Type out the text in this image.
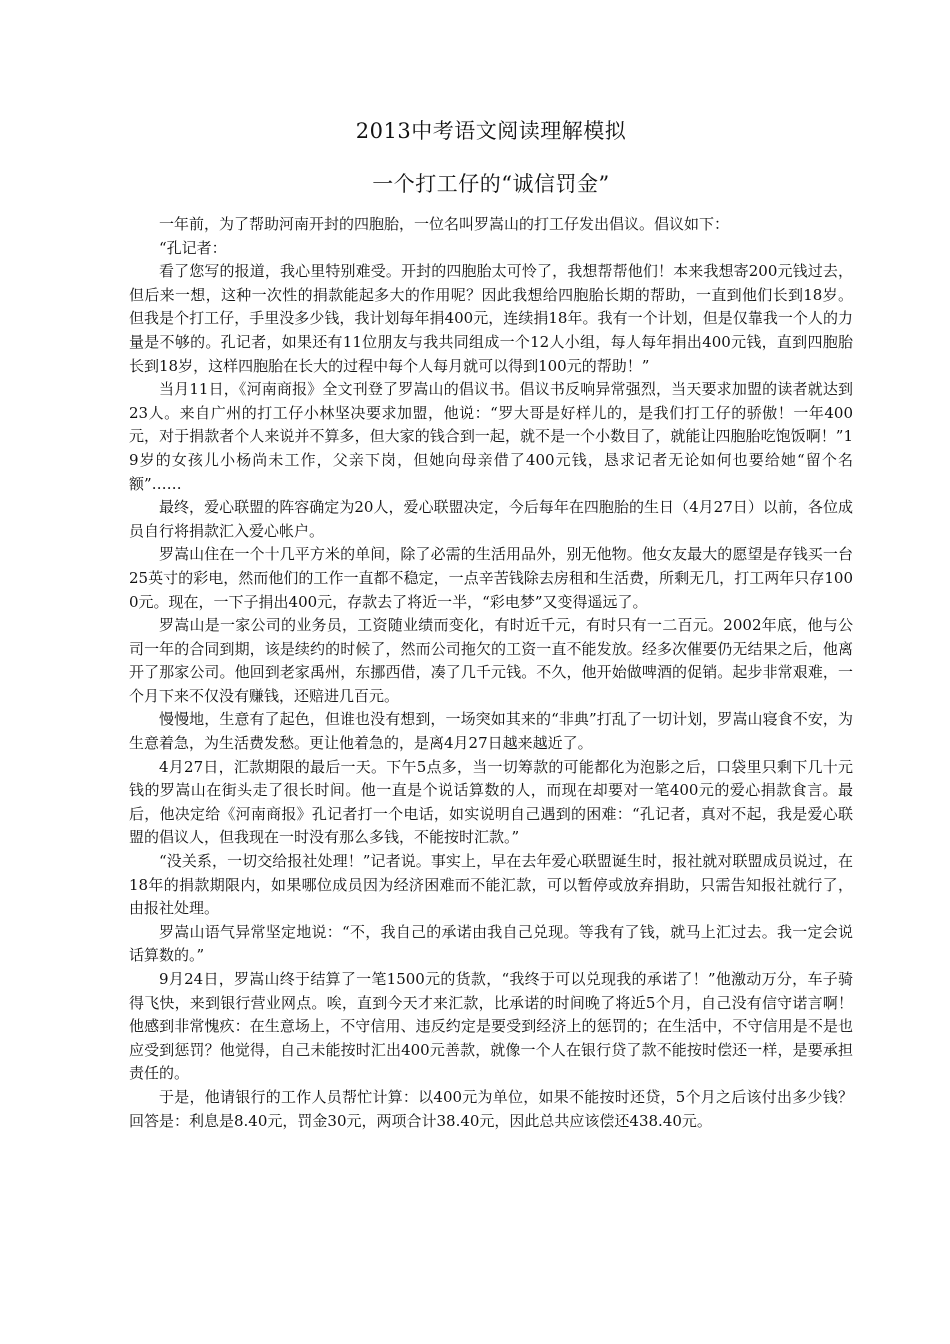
2013中考语文阅读理解模拟
一个打工仔的“诚信罚金”

一年前，为了帮助河南开封的四胞胎，一位名叫罗嵩山的打工仔发出倡议。倡议如下：

“孔记者：

看了您写的报道，我心里特别难受。开封的四胞胎太可怜了，我想帮帮他们！本来我想寄200元钱过去，但后来一想，这种一次性的捐款能起多大的作用呢？因此我想给四胞胎长期的帮助，一直到他们长到18岁。但我是个打工仔，手里没多少钱，我计划每年捐400元，连续捐18年。我有一个计划，但是仅靠我一个人的力量是不够的。孔记者，如果还有11位朋友与我共同组成一个12人小组，每人每年捐出400元钱，直到四胞胎长到18岁，这样四胞胎在长大的过程中每个人每月就可以得到100元的帮助！”

当月11日，《河南商报》全文刊登了罗嵩山的倡议书。倡议书反响异常强烈，当天要求加盟的读者就达到23人。来自广州的打工仔小林坚决要求加盟，他说：“罗大哥是好样儿的，是我们打工仔的骄傲！一年400元，对于捐款者个人来说并不算多，但大家的钱合到一起，就不是一个小数目了，就能让四胞胎吃饱饭啊！”19岁的女孩儿小杨尚未工作，父亲下岗，但她向母亲借了400元钱，恳求记者无论如何也要给她“留个名额”……

最终，爱心联盟的阵容确定为20人，爱心联盟决定，今后每年在四胞胎的生日（4月27日）以前，各位成员自行将捐款汇入爱心帐户。

罗嵩山住在一个十几平方米的单间，除了必需的生活用品外，别无他物。他女友最大的愿望是存钱买一台25英寸的彩电，然而他们的工作一直都不稳定，一点辛苦钱除去房租和生活费，所剩无几，打工两年只存1000元。现在，一下子捐出400元，存款去了将近一半，“彩电梦”又变得遥远了。

罗嵩山是一家公司的业务员，工资随业绩而变化，有时近千元，有时只有一二百元。2002年底，他与公司一年的合同到期，该是续约的时候了，然而公司拖欠的工资一直不能发放。经多次催要仍无结果之后，他离开了那家公司。他回到老家禹州，东挪西借，凑了几千元钱。不久，他开始做啤酒的促销。起步非常艰难，一个月下来不仅没有赚钱，还赔进几百元。

慢慢地，生意有了起色，但谁也没有想到，一场突如其来的“非典”打乱了一切计划，罗嵩山寝食不安，为生意着急，为生活费发愁。更让他着急的，是离4月27日越来越近了。

4月27日，汇款期限的最后一天。下午5点多，当一切筹款的可能都化为泡影之后，口袋里只剩下几十元钱的罗嵩山在街头走了很长时间。他一直是个说话算数的人，而现在却要对一笔400元的爱心捐款食言。最后，他决定给《河南商报》孔记者打一个电话，如实说明自己遇到的困难：“孔记者，真对不起，我是爱心联盟的倡议人，但我现在一时没有那么多钱，不能按时汇款。”

“没关系，一切交给报社处理！”记者说。事实上，早在去年爱心联盟诞生时，报社就对联盟成员说过，在18年的捐款期限内，如果哪位成员因为经济困难而不能汇款，可以暂停或放弃捐助，只需告知报社就行了，由报社处理。

罗嵩山语气异常坚定地说：“不，我自己的承诺由我自己兑现。等我有了钱，就马上汇过去。我一定会说话算数的。”

9月24日，罗嵩山终于结算了一笔1500元的货款，“我终于可以兑现我的承诺了！”他激动万分，车子骑得飞快，来到银行营业网点。唉，直到今天才来汇款，比承诺的时间晚了将近5个月，自己没有信守诺言啊！他感到非常愧疚：在生意场上，不守信用、违反约定是要受到经济上的惩罚的；在生活中，不守信用是不是也应受到惩罚？他觉得，自己未能按时汇出400元善款，就像一个人在银行贷了款不能按时偿还一样，是要承担责任的。

于是，他请银行的工作人员帮忙计算：以400元为单位，如果不能按时还贷，5个月之后该付出多少钱？回答是：利息是8.40元，罚金30元，两项合计38.40元，因此总共应该偿还438.40元。
